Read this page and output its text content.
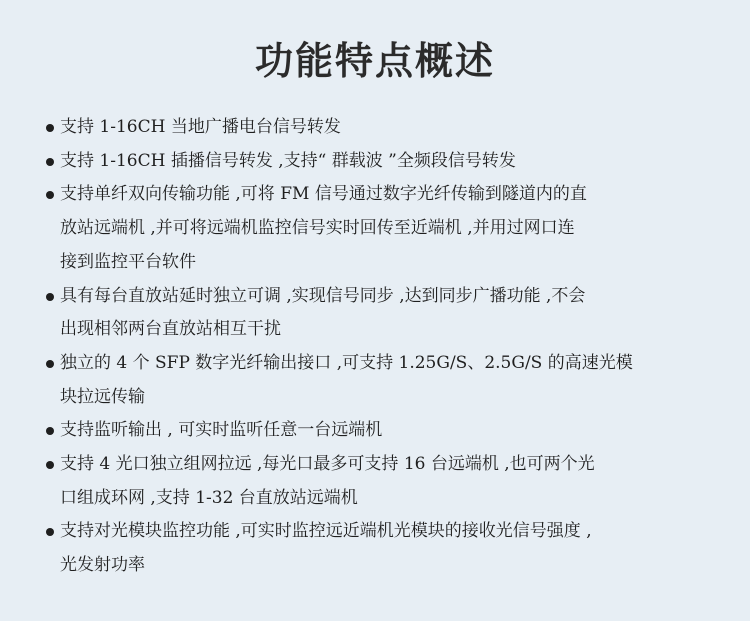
功能特点概述
支持 1-16CH 当地广播电台信号转发
支持 1-16CH 插播信号转发 ,支持“ 群载波 ”全频段信号转发
支持单纤双向传输功能 ,可将 FM 信号通过数字光纤传输到隧道内的直
放站远端机 ,并可将远端机监控信号实时回传至近端机 ,并用过网口连
接到监控平台软件
具有每台直放站延时独立可调 ,实现信号同步 ,达到同步广播功能 ,不会
出现相邻两台直放站相互干扰
独立的 4 个 SFP 数字光纤输出接口 ,可支持 1.25G/S、2.5G/S 的高速光模
块拉远传输
支持监听输出 , 可实时监听任意一台远端机
支持 4 光口独立组网拉远 ,每光口最多可支持 16 台远端机 ,也可两个光
口组成环网 ,支持 1-32 台直放站远端机
支持对光模块监控功能 ,可实时监控远近端机光模块的接收光信号强度 ,
光发射功率
